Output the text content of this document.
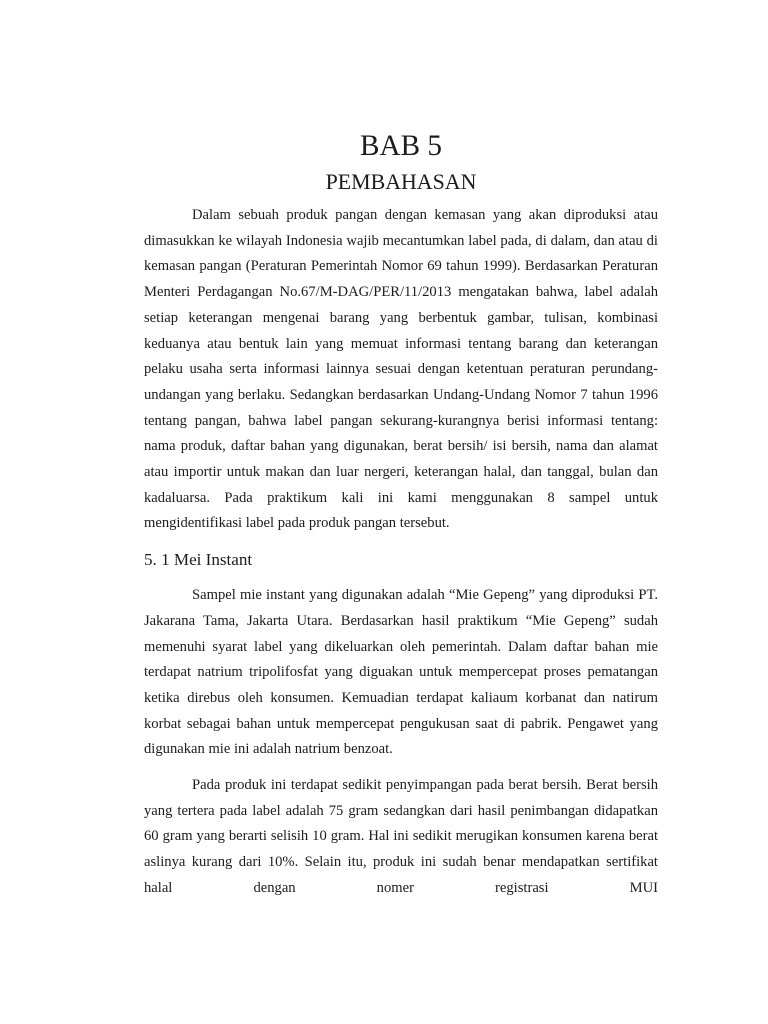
BAB 5
PEMBAHASAN

Dalam sebuah produk pangan dengan kemasan yang akan diproduksi atau dimasukkan ke wilayah Indonesia wajib mecantumkan label pada, di dalam, dan atau di kemasan pangan (Peraturan Pemerintah Nomor 69 tahun 1999). Berdasarkan Peraturan Menteri Perdagangan No.67/M-DAG/PER/11/2013 mengatakan bahwa, label adalah setiap keterangan mengenai barang yang berbentuk gambar, tulisan, kombinasi keduanya atau bentuk lain yang memuat informasi tentang barang dan keterangan pelaku usaha serta informasi lainnya sesuai dengan ketentuan peraturan perundang-undangan yang berlaku. Sedangkan berdasarkan Undang-Undang Nomor 7 tahun 1996 tentang pangan, bahwa label pangan sekurang-kurangnya berisi informasi tentang: nama produk, daftar bahan yang digunakan, berat bersih/ isi bersih, nama dan alamat atau importir untuk makan dan luar nergeri, keterangan halal, dan tanggal, bulan dan kadaluarsa. Pada praktikum kali ini kami menggunakan 8 sampel untuk mengidentifikasi label pada produk pangan tersebut.

5. 1 Mei Instant

Sampel mie instant yang digunakan adalah “Mie Gepeng” yang diproduksi PT. Jakarana Tama, Jakarta Utara. Berdasarkan hasil praktikum “Mie Gepeng” sudah memenuhi syarat label yang dikeluarkan oleh pemerintah. Dalam daftar bahan mie terdapat natrium tripolifosfat yang diguakan untuk mempercepat proses pematangan ketika direbus oleh konsumen. Kemuadian terdapat kaliaum korbanat dan natirum korbat sebagai bahan untuk mempercepat pengukusan saat di pabrik. Pengawet yang digunakan mie ini adalah natrium benzoat.

Pada produk ini terdapat sedikit penyimpangan pada berat bersih. Berat bersih yang tertera pada label adalah 75 gram sedangkan dari hasil penimbangan didapatkan 60 gram yang berarti selisih 10 gram. Hal ini sedikit merugikan konsumen karena berat aslinya kurang dari 10%. Selain itu, produk ini sudah benar mendapatkan sertifikat halal dengan nomer registrasi MUI
